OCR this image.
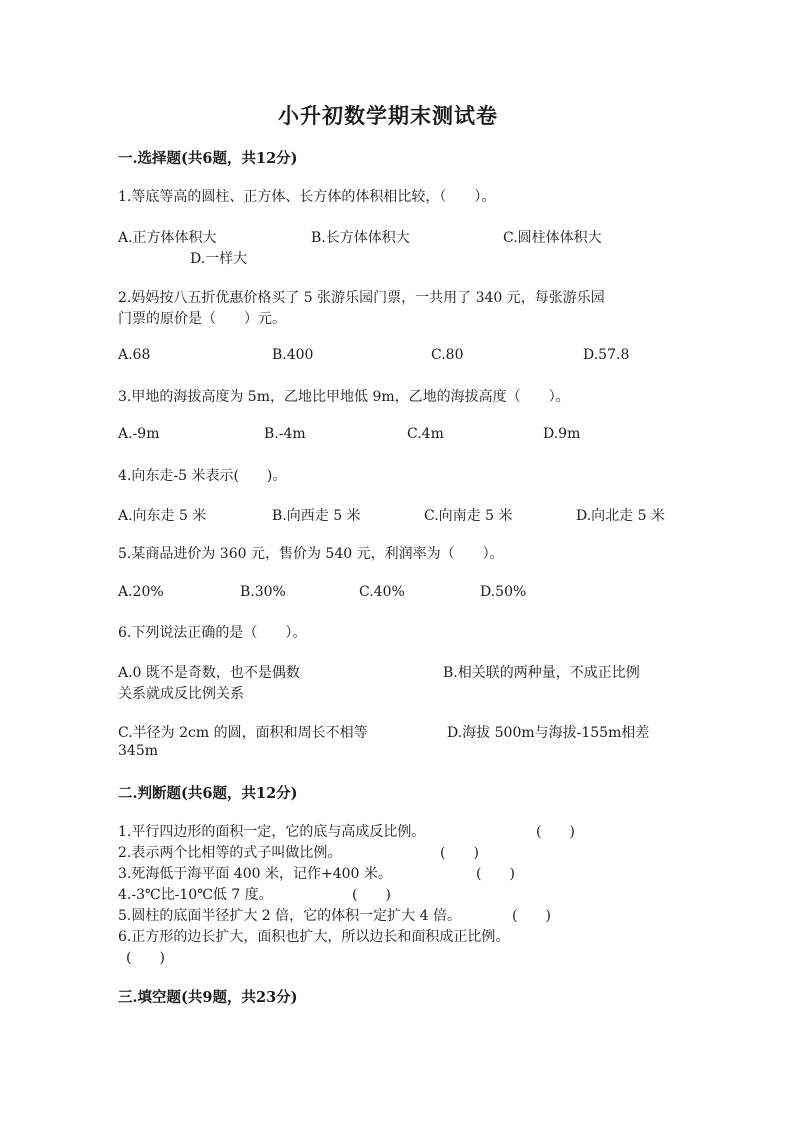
小升初数学期末测试卷
一.选择题(共6题，共12分)
1.等底等高的圆柱、正方体、长方体的体积相比较，（　　）。
A.正方体体积大	B.长方体体积大	C.圆柱体体积大
D.一样大
2.妈妈按八五折优惠价格买了 5 张游乐园门票，一共用了 340 元，每张游乐园
门票的原价是（　　）元。
A.68	B.400	C.80	D.57.8
3.甲地的海拔高度为 5m，乙地比甲地低 9m，乙地的海拔高度（　　）。
A.-9m	B.-4m	C.4m	D.9m
4.向东走-5 米表示(　　)。
A.向东走 5 米	B.向西走 5 米	C.向南走 5 米	D.向北走 5 米
5.某商品进价为 360 元，售价为 540 元，利润率为（　　）。
A.20%	B.30%	C.40%	D.50%
6.下列说法正确的是（　　）。
A.0 既不是奇数，也不是偶数	B.相关联的两种量，不成正比例
关系就成反比例关系
C.半径为 2cm 的圆，面积和周长不相等	D.海拔 500m与海拔-155m相差
345m
二.判断题(共6题，共12分)
1.平行四边形的面积一定，它的底与高成反比例。	(　　)
2.表示两个比相等的式子叫做比例。	(　　)
3.死海低于海平面 400 米，记作+400 米。	(　　)
4.-3℃比-10℃低 7 度。	(　　)
5.圆柱的底面半径扩大 2 倍，它的体积一定扩大 4 倍。	(　　)
6.正方形的边长扩大，面积也扩大，所以边长和面积成正比例。
(　　)
三.填空题(共9题，共23分)
